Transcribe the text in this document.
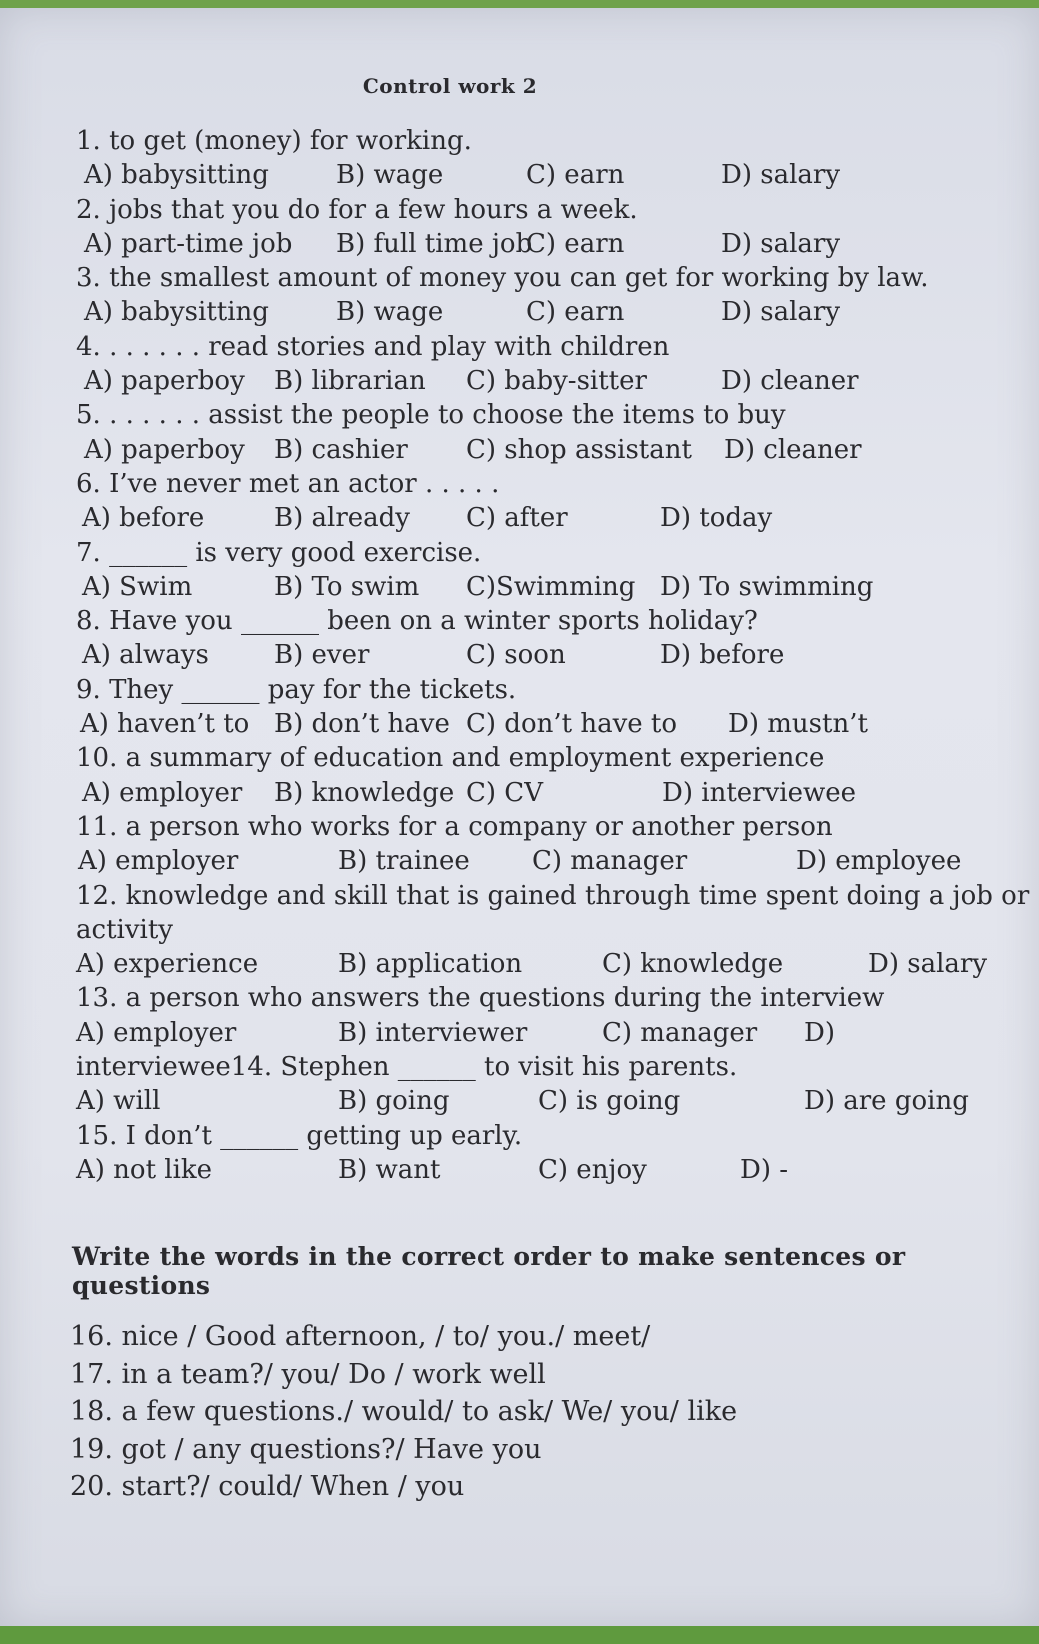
Control work 2
1. to get (money) for working.
A) babysitting	B) wage	C) earn	D) salary
2. jobs that you do for a few hours a week.
A) part-time job B) full time job
C) earn	D) salary
3. the smallest amount of money you can get for working by law.
A) babysitting	B) wage	C) earn	D) salary
4. . . . . . . read stories and play with children
A) paperboy B) librarian C) baby-sitter	D) cleaner
5. . . . . . . assist the people to choose the items to buy
A) paperboy B) cashier C) shop assistant D) cleaner
6. I’ve never met an actor . . . . .
A) before	B) already C) after	D) today
7. ______ is very good exercise.
A) Swim	B) To swim C)Swimming D) To swimming
8. Have you ______ been on a winter sports holiday?
A) always	B) ever	C) soon	D) before
9. They ______ pay for the tickets.
A) haven’t to B) don’t have C) don’t have to D) mustn’t
10. a summary of education and employment experience
A) employer B) knowledge C) CV	D) interviewee
11. a person who works for a company or another person
A) employer	B) trainee C) manager	D) employee
12. knowledge and skill that is gained through time spent doing a job or
activity
A) experience	B) application	C) knowledge	D) salary
13. a person who answers the questions during the interview
A) employer	B) interviewer	C) manager D)
interviewee14. Stephen ______ to visit his parents.
A) will	B) going	C) is going	D) are going
15. I don’t ______ getting up early.
A) not like	B) want	C) enjoy	D) -
Write the words in the correct order to make sentences or questions
16. nice / Good afternoon, / to/ you./ meet/
17. in a team?/ you/ Do / work well
18. a few questions./ would/ to ask/ We/ you/ like
19. got / any questions?/ Have you
20. start?/ could/ When / you
